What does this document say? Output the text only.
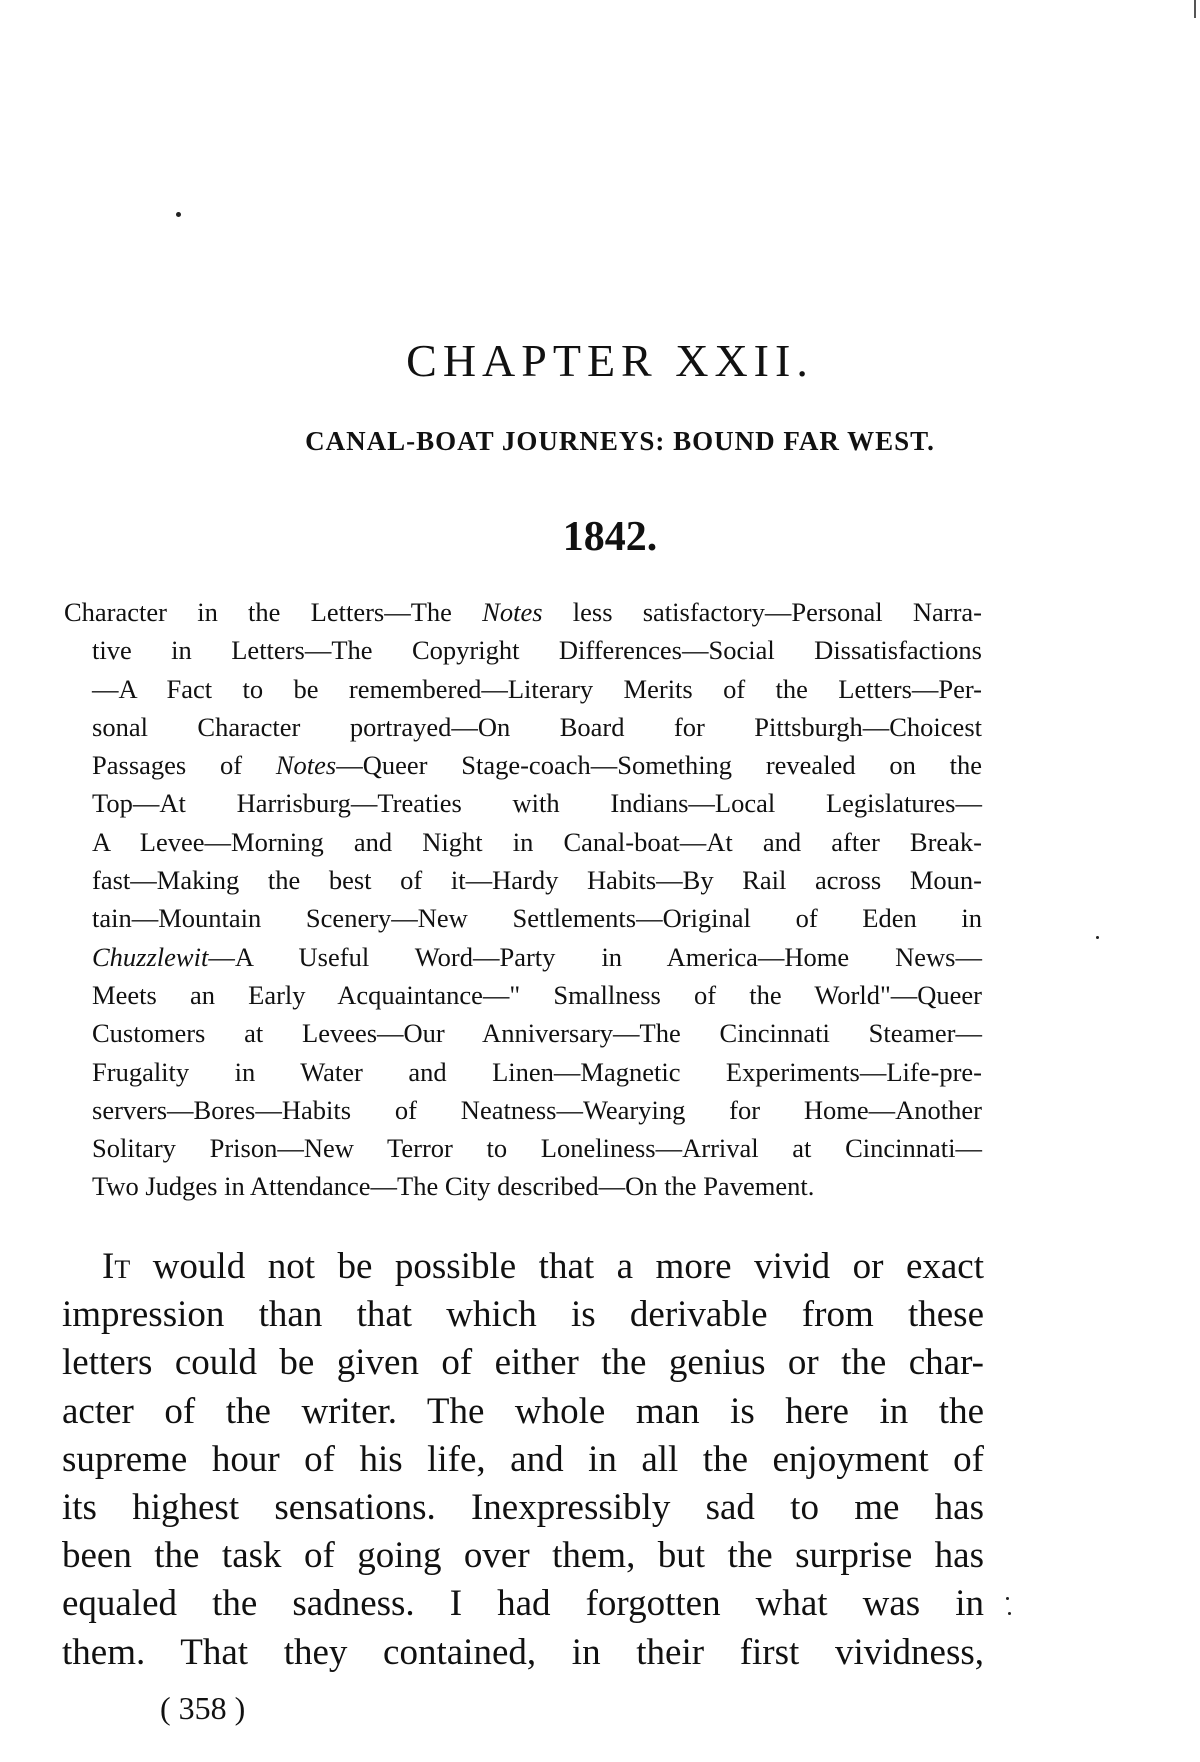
CHAPTER XXII.
CANAL-BOAT JOURNEYS: BOUND FAR WEST.
1842.
Character in the Letters—The Notes less satisfactory—Personal Narra-
tive in Letters—The Copyright Differences—Social Dissatisfactions
—A Fact to be remembered—Literary Merits of the Letters—Per-
sonal Character portrayed—On Board for Pittsburgh—Choicest
Passages of Notes—Queer Stage-coach—Something revealed on the
Top—At Harrisburg—Treaties with Indians—Local Legislatures—
A Levee—Morning and Night in Canal-boat—At and after Break-
fast—Making the best of it—Hardy Habits—By Rail across Moun-
tain—Mountain Scenery—New Settlements—Original of Eden in
Chuzzlewit—A Useful Word—Party in America—Home News—
Meets an Early Acquaintance—" Smallness of the World"—Queer
Customers at Levees—Our Anniversary—The Cincinnati Steamer—
Frugality in Water and Linen—Magnetic Experiments—Life-pre-
servers—Bores—Habits of Neatness—Wearying for Home—Another
Solitary Prison—New Terror to Loneliness—Arrival at Cincinnati—
Two Judges in Attendance—The City described—On the Pavement.
It would not be possible that a more vivid or exact
impression than that which is derivable from these
letters could be given of either the genius or the char-
acter of the writer. The whole man is here in the
supreme hour of his life, and in all the enjoyment of
its highest sensations. Inexpressibly sad to me has
been the task of going over them, but the surprise has
equaled the sadness. I had forgotten what was in
them. That they contained, in their first vividness,
( 358 )
